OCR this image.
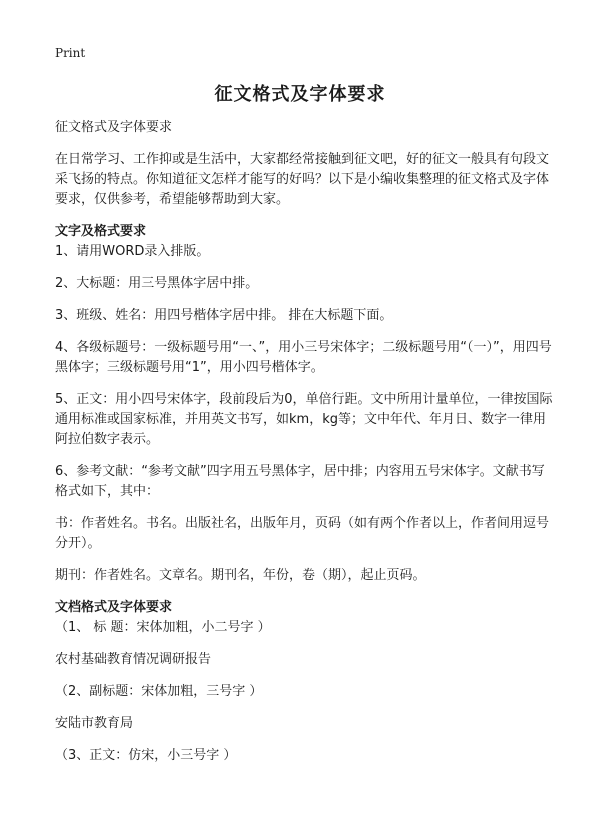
Print
征文格式及字体要求

征文格式及字体要求

在日常学习、工作抑或是生活中，大家都经常接触到征文吧，好的征文一般具有句段文采飞扬的特点。你知道征文怎样才能写的好吗？以下是小编收集整理的征文格式及字体要求，仅供参考，希望能够帮助到大家。

文字及格式要求

1、请用WORD录入排版。

2、大标题：用三号黑体字居中排。

3、班级、姓名：用四号楷体字居中排。 排在大标题下面。

4、各级标题号：一级标题号用“一、”，用小三号宋体字；二级标题号用“（一）”，用四号黑体字；三级标题号用“1”，用小四号楷体字。

5、正文：用小四号宋体字，段前段后为0，单倍行距。文中所用计量单位，一律按国际通用标准或国家标准，并用英文书写，如km，kg等；文中年代、年月日、数字一律用阿拉伯数字表示。

6、参考文献：“参考文献”四字用五号黑体字，居中排；内容用五号宋体字。文献书写格式如下，其中：

书：作者姓名。书名。出版社名，出版年月，页码（如有两个作者以上，作者间用逗号分开）。

期刊：作者姓名。文章名。期刊名，年份，卷（期），起止页码。

文档格式及字体要求

（1、 标 题：宋体加粗，小二号字 ）

农村基础教育情况调研报告

（2、副标题：宋体加粗，三号字 ）

安陆市教育局

（3、正文：仿宋，小三号字 ）
